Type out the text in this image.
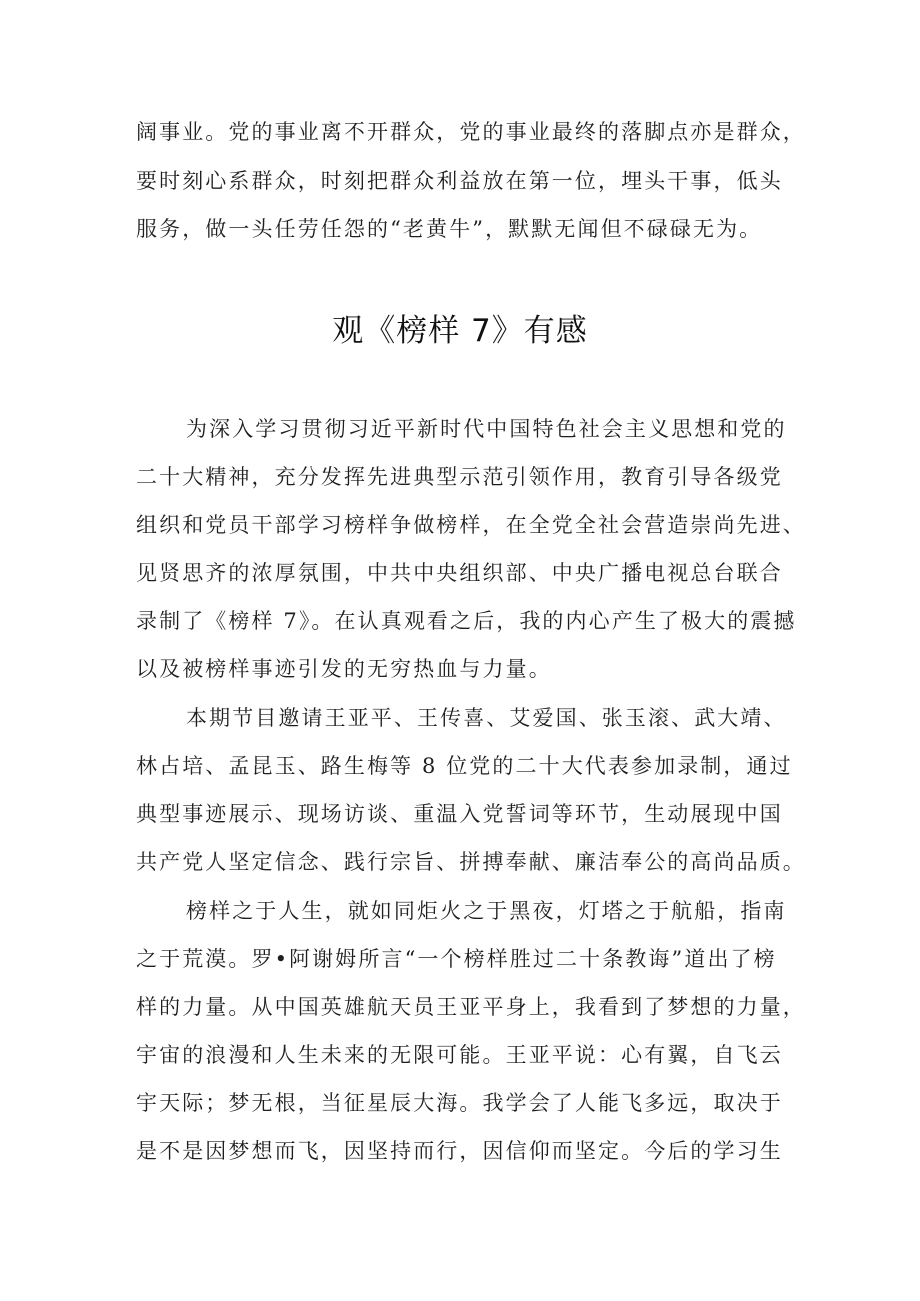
阔事业。党的事业离不开群众，党的事业最终的落脚点亦是群众，
要时刻心系群众，时刻把群众利益放在第一位，埋头干事，低头
服务，做一头任劳任怨的“老黄牛”，默默无闻但不碌碌无为。
观《榜样 7》有感
为深入学习贯彻习近平新时代中国特色社会主义思想和党的
二十大精神，充分发挥先进典型示范引领作用，教育引导各级党
组织和党员干部学习榜样争做榜样，在全党全社会营造崇尚先进、
见贤思齐的浓厚氛围，中共中央组织部、中央广播电视总台联合
录制了《榜样 7》。在认真观看之后，我的内心产生了极大的震撼
以及被榜样事迹引发的无穷热血与力量。
本期节目邀请王亚平、王传喜、艾爱国、张玉滚、武大靖、
林占培、孟昆玉、路生梅等 8 位党的二十大代表参加录制，通过
典型事迹展示、现场访谈、重温入党誓词等环节，生动展现中国
共产党人坚定信念、践行宗旨、拼搏奉献、廉洁奉公的高尚品质。
榜样之于人生，就如同炬火之于黑夜，灯塔之于航船，指南
之于荒漠。罗•阿谢姆所言“一个榜样胜过二十条教诲”道出了榜
样的力量。从中国英雄航天员王亚平身上，我看到了梦想的力量，
宇宙的浪漫和人生未来的无限可能。王亚平说：心有翼，自飞云
宇天际；梦无根，当征星辰大海。我学会了人能飞多远，取决于
是不是因梦想而飞，因坚持而行，因信仰而坚定。今后的学习生
